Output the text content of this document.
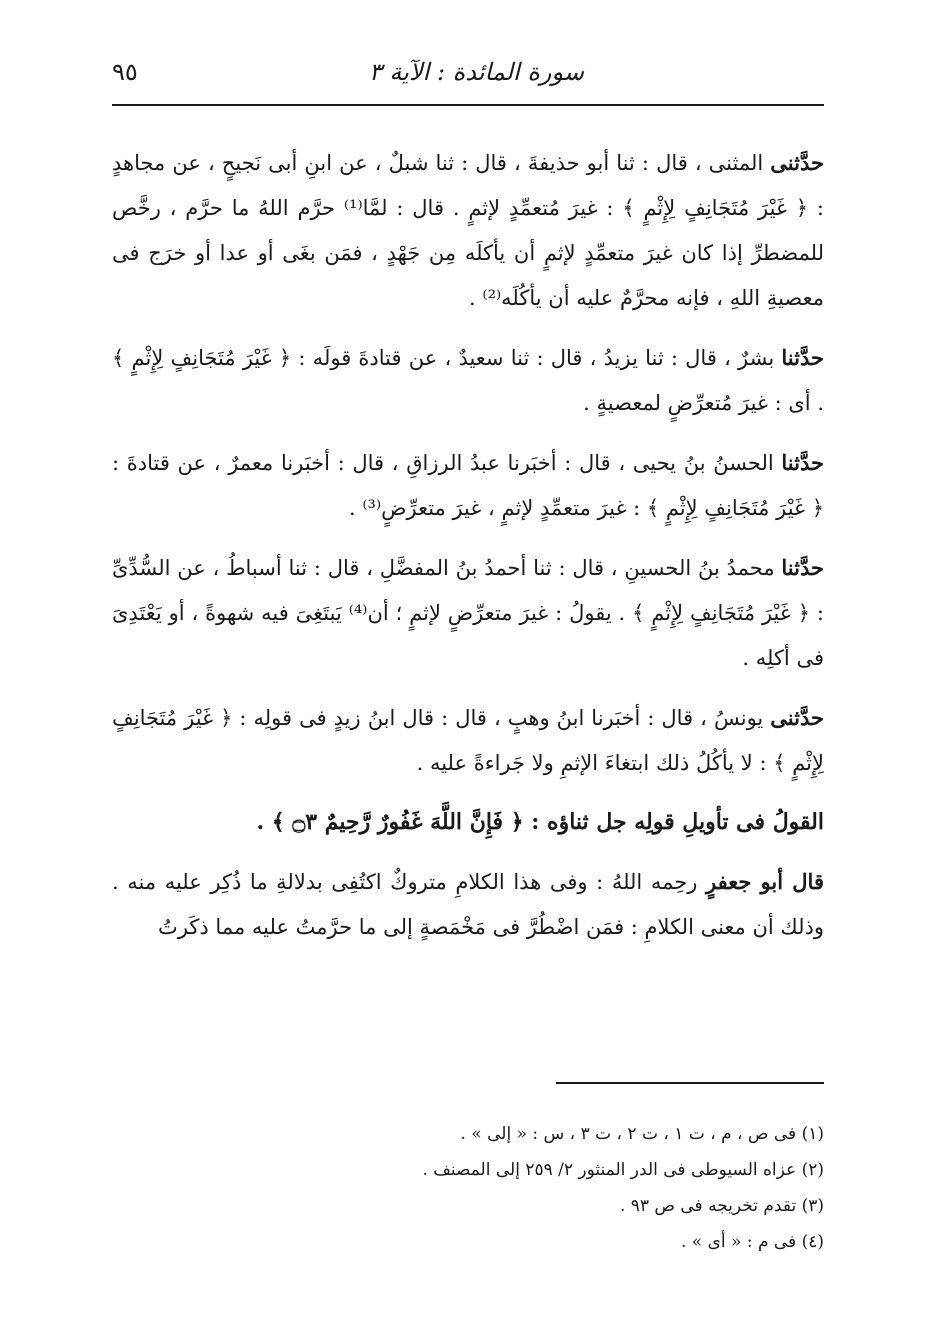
سورة المائدة : الآية ٣
٩٥

حدَّثنى المثنى ، قال : ثنا أبو حذيفةَ ، قال : ثنا شبلٌ ، عن ابنِ أبى نَجيحٍ ، عن مجاهدٍ : ﴿ غَيْرَ مُتَجَانِفٍ لِإِثْمٍ ﴾ : غيرَ مُتعمِّدٍ لإثمٍ . قال : لمَّا⁽¹⁾ حرَّم اللهُ ما حرَّم ، رخَّص للمضطرِّ إذا كان غيرَ متعمِّدٍ لإثمٍ أن يأكلَه مِن جَهْدٍ ، فمَن بغَى أو عدا أو خرَج فى معصيةِ اللهِ ، فإنه محرَّمٌ عليه أن يأكُلَه⁽²⁾ .

حدَّثنا بشرٌ ، قال : ثنا يزيدُ ، قال : ثنا سعيدٌ ، عن قتادةَ قولَه : ﴿ غَيْرَ مُتَجَانِفٍ لِإِثْمٍ ﴾ . أى : غيرَ مُتعرِّضٍ لمعصيةٍ .

حدَّثنا الحسنُ بنُ يحيى ، قال : أخبَرنا عبدُ الرزاقِ ، قال : أخبَرنا معمرٌ ، عن قتادةَ : ﴿ غَيْرَ مُتَجَانِفٍ لِإِثْمٍ ﴾ : غيرَ متعمِّدٍ لإثمٍ ، غيرَ متعرِّضٍ⁽³⁾ .

حدَّثنا محمدُ بنُ الحسينِ ، قال : ثنا أحمدُ بنُ المفضَّلِ ، قال : ثنا أسباطُ ، عن السُّدِّىِّ : ﴿ غَيْرَ مُتَجَانِفٍ لِإِثْمٍ ﴾ . يقولُ : غيرَ متعرِّضٍ لإثمٍ ؛ أن⁽⁴⁾ يَبتَغِىَ فيه شهوةً ، أو يَعْتَدِىَ فى أكلِه .

حدَّثنى يونسُ ، قال : أخبَرنا ابنُ وهبٍ ، قال : قال ابنُ زيدٍ فى قولِه : ﴿ غَيْرَ مُتَجَانِفٍ لِإِثْمٍ ﴾ : لا يأكُلُ ذلك ابتغاءَ الإثمِ ولا جَراءةً عليه .

القولُ فى تأويلِ قولِه جل ثناؤه : ﴿ فَإِنَّ اللَّهَ غَفُورٌ رَّحِيمٌ ۝٣ ﴾ .

قال أبو جعفرٍ رحِمه اللهُ : وفى هذا الكلامِ متروكٌ اكتُفِى بدلالةِ ما ذُكِر عليه منه . وذلك أن معنى الكلامِ : فمَن اضْطُرَّ فى مَخْمَصةٍ إلى ما حرَّمتُ عليه مما ذكَرتُ

(١) فى ص ، م ، ت ١ ، ت ٢ ، ت ٣ ، س : « إلى » .

(٢) عزاه السيوطى فى الدر المنثور ٢/ ٢٥٩ إلى المصنف .

(٣) تقدم تخريجه فى ص ٩٣ .

(٤) فى م : « أى » .
